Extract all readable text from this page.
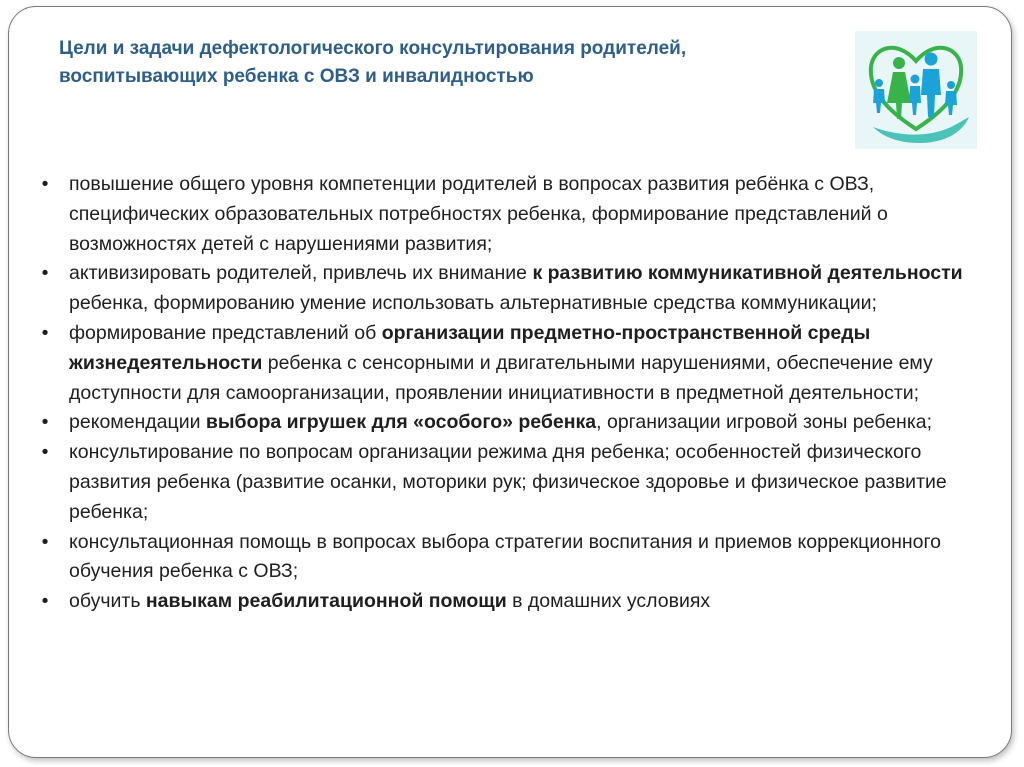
Цели и задачи дефектологического консультирования родителей,
воспитывающих ребенка с ОВЗ и инвалидностью
•	повышение общего уровня компетенции родителей в вопросах развития ребёнка с ОВЗ, специфических образовательных потребностях ребенка, формирование представлений о возможностях детей с нарушениями развития;
•	активизировать родителей, привлечь их внимание к развитию коммуникативной деятельности ребенка, формированию умение использовать альтернативные средства коммуникации;
•	формирование представлений об организации предметно-пространственной среды жизнедеятельности ребенка с сенсорными и двигательными нарушениями, обеспечение ему доступности для самоорганизации, проявлении инициативности в предметной деятельности;
•	рекомендации выбора игрушек для «особого» ребенка, организации игровой зоны ребенка;
•	консультирование по вопросам организации режима дня ребенка; особенностей физического развития ребенка (развитие осанки, моторики рук; физическое здоровье и физическое развитие ребенка;
•	консультационная помощь в вопросах выбора стратегии воспитания и приемов коррекционного обучения ребенка с ОВЗ;
•	обучить навыкам реабилитационной помощи в домашних условиях
